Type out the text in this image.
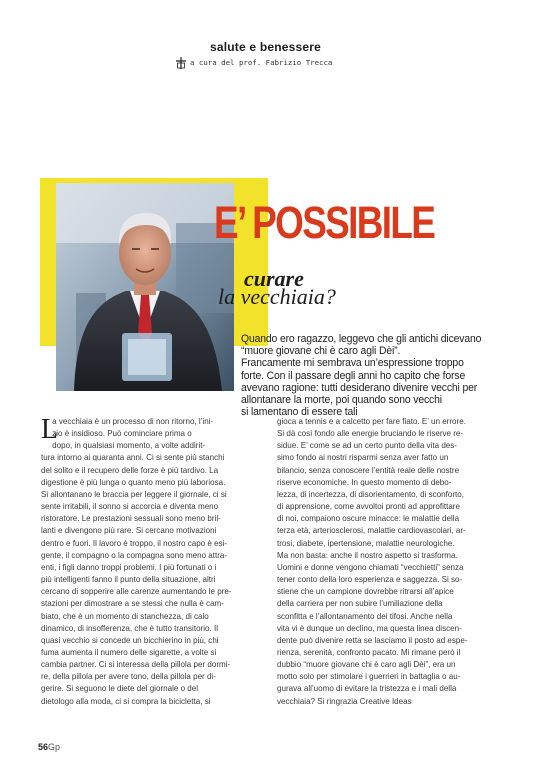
salute e benessere
a cura del prof. Fabrizio Trecca
E’ POSSIBILE
curare
la vecchiaia?
Quando ero ragazzo, leggevo che gli antichi dicevano
“muore giovane chi è caro agli Dèi”.
Francamente mi sembrava un’espressione troppo
forte. Con il passare degli anni ho capito che forse
avevano ragione: tutti desiderano divenire vecchi per
allontanare la morte, poi quando sono vecchi
si lamentano di essere tali
L
a vecchiaia è un processo di non ritorno, l’ini-
zio è insidioso. Può cominciare prima o
dopo, in qualsiasi momento, a volte addirit-
tura intorno ai quaranta anni. Ci si sente più stanchi
del solito e il recupero delle forze è più tardivo. La
digestione è più lunga o quanto meno più laboriosa.
Si allontanano le braccia per leggere il giornale, ci si
sente irritabili, il sonno si accorcia e diventa meno
ristoratore. Le prestazioni sessuali sono meno bril-
lanti e divengono più rare. Si cercano motivazioni
dentro e fuori. Il lavoro è troppo, il nostro capo è esi-
gente, il compagno o la compagna sono meno attra-
enti, i figli danno troppi problemi. I più fortunati o i
più intelligenti fanno il punto della situazione, altri
cercano di sopperire alle carenze aumentando le pre-
stazioni per dimostrare a se stessi che nulla è cam-
biato, che è un momento di stanchezza, di calo
dinamico, di insofferenza, che è tutto transitorio. Il
quasi vecchio si concede un bicchierino in più, chi
fuma aumenta il numero delle sigarette, a volte si
cambia partner. Ci si interessa della pillola per dormi-
re, della pillola per avere tono, della pillola per di-
gerire. Si seguono le diete del giornale o del
dietologo alla moda, ci si compra la bicicletta, si
gioca a tennis e a calcetto per fare fiato. E’ un errore.
Si dà così fondo alle energie bruciando le riserve re-
sidue. E’ come se ad un certo punto della vita des-
simo fondo ai nostri risparmi senza aver fatto un
bilancio, senza conoscere l’entità reale delle nostre
riserve economiche. In questo momento di debo-
lezza, di incertezza, di disorientamento, di sconforto,
di apprensione, come avvoltoi pronti ad approfittare
di noi, compaiono oscure minacce: le malattie della
terza età, arteriosclerosi, malattie cardiovascolari, ar-
trosi, diabete, ipertensione, malattie neurologiche.
Ma non basta: anche il nostro aspetto si trasforma.
Uomini e donne vengono chiamati “vecchietti” senza
tener conto della loro esperienza e saggezza. Si so-
stiene che un campione dovrebbe ritrarsi all’apice
della carriera per non subire l’umiliazione della
sconfitta e l’allontanamento dei tifosi. Anche nella
vita vi è dunque un declino, ma questa linea discen-
dente può divenire retta se lasciamo il posto ad espe-
rienza, serenità, confronto pacato. Mi rimane però il
dubbio “muore giovane chi è caro agli Dèi”, era un
motto solo per stimolare i guerrieri in battaglia o au-
gurava all’uomo di evitare la tristezza e i mali della
vecchiaia? Si ringrazia Creative Ideas
56Gp
